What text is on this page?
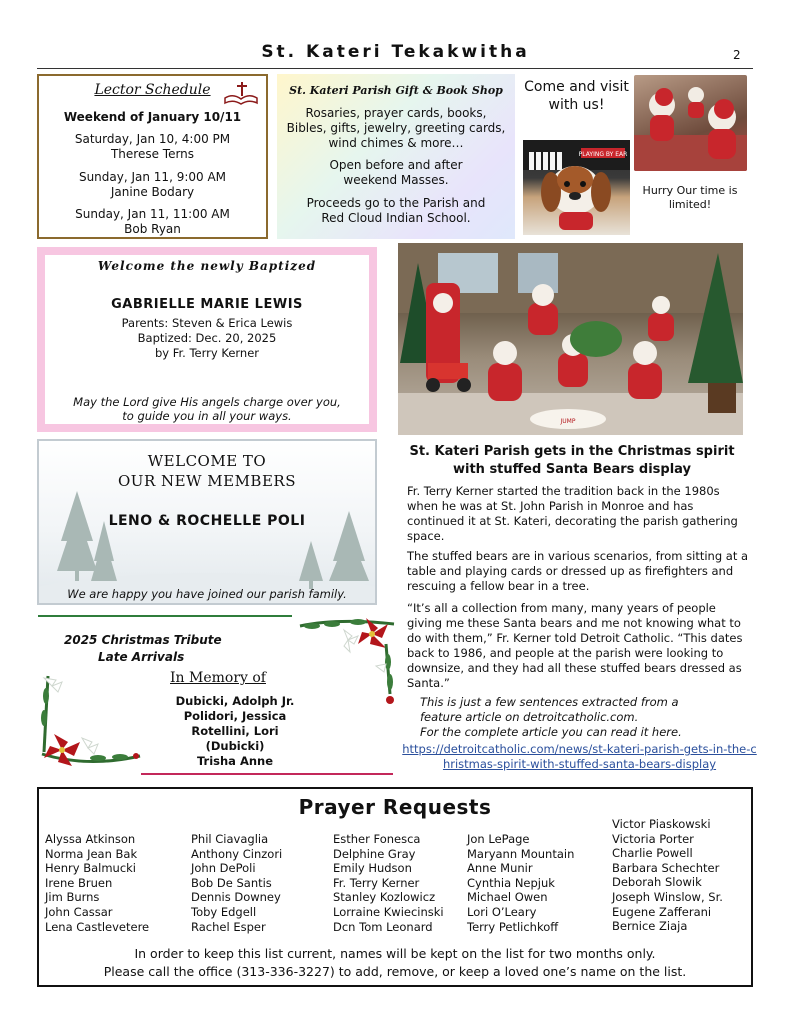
St. Kateri Tekakwitha	2
Lector Schedule
Weekend of January 10/11
Saturday, Jan 10, 4:00 PM
Therese Terns
Sunday, Jan 11, 9:00 AM
Janine Bodary
Sunday, Jan 11, 11:00 AM
Bob Ryan
St. Kateri Parish Gift & Book Shop
Rosaries, prayer cards, books, Bibles, gifts, jewelry, greeting cards, wind chimes & more…
Open before and after weekend Masses.
Proceeds go to the Parish and Red Cloud Indian School.
Come and visit with us!
PLAYING BY EAR
Hurry Our time is limited!
Welcome the newly Baptized
GABRIELLE MARIE LEWIS
Parents: Steven & Erica Lewis
Baptized: Dec. 20, 2025
by Fr. Terry Kerner
May the Lord give His angels charge over you,
to guide you in all your ways.
WELCOME TO
OUR NEW MEMBERS
LENO & ROCHELLE POLI
We are happy you have joined our parish family.
2025 Christmas Tribute
Late Arrivals
In Memory of
Dubicki, Adolph Jr.
Polidori, Jessica
Rotellini, Lori
(Dubicki)
Trisha Anne
JUMP
St. Kateri Parish gets in the Christmas spirit with stuffed Santa Bears display
Fr. Terry Kerner started the tradition back in the 1980s when he was at St. John Parish in Monroe and has continued it at St. Kateri, decorating the parish gathering space.
The stuffed bears are in various scenarios, from sitting at a table and playing cards or dressed up as firefighters and rescuing a fellow bear in a tree.
“It’s all a collection from many, many years of people giving me these Santa bears and me not knowing what to do with them,” Fr. Kerner told Detroit Catholic. “This dates back to 1986, and people at the parish were looking to downsize, and they had all these stuffed bears dressed as Santa.”
This is just a few sentences extracted from a
feature article on detroitcatholic.com.
For the complete article you can read it here.
https://detroitcatholic.com/news/st-kateri-parish-gets-in-the-christmas-spirit-with-stuffed-santa-bears-display
Prayer Requests
Alyssa Atkinson
Norma Jean Bak
Henry Balmucki
Irene Bruen
Jim Burns
John Cassar
Lena Castlevetere
Phil Ciavaglia
Anthony Cinzori
John DePoli
Bob De Santis
Dennis Downey
Toby Edgell
Rachel Esper
Esther Fonesca
Delphine Gray
Emily Hudson
Fr. Terry Kerner
Stanley Kozlowicz
Lorraine Kwiecinski
Dcn Tom Leonard
Jon LePage
Maryann Mountain
Anne Munir
Cynthia Nepjuk
Michael Owen
Lori O’Leary
Terry Petlichkoff
Victor Piaskowski
Victoria Porter
Charlie Powell
Barbara Schechter
Deborah Slowik
Joseph Winslow, Sr.
Eugene Zafferani
Bernice Ziaja
In order to keep this list current, names will be kept on the list for two months only.
Please call the office (313-336-3227) to add, remove, or keep a loved one’s name on the list.
